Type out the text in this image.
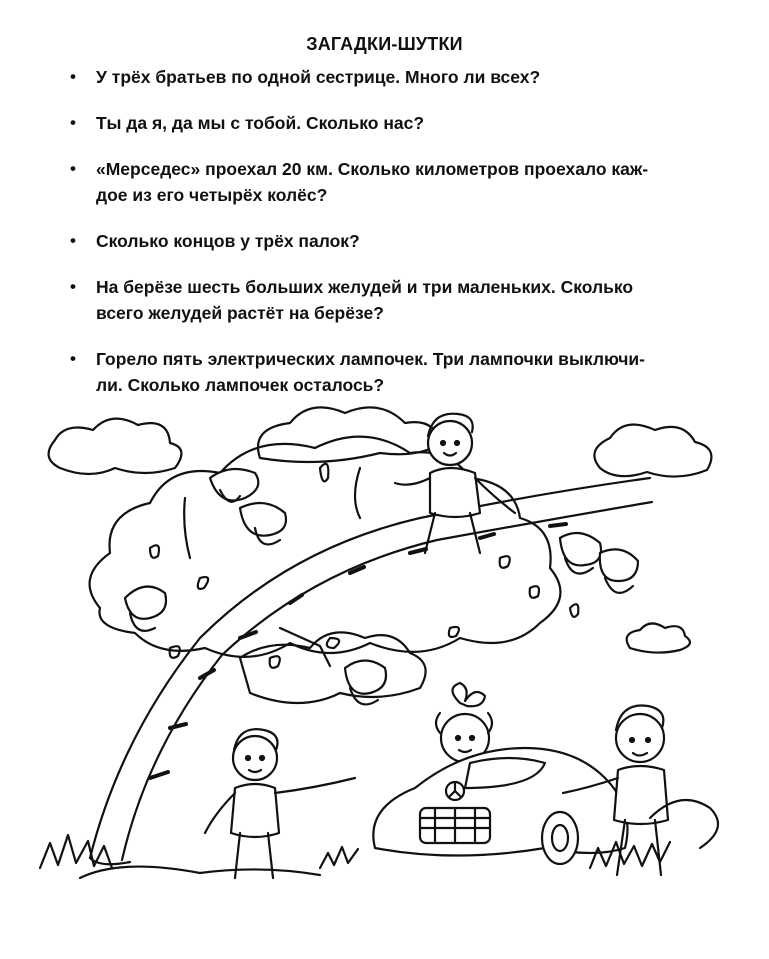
ЗАГАДКИ-ШУТКИ
• У трёх братьев по одной сестрице. Много ли всех?
• Ты да я, да мы с тобой. Сколько нас?
• «Мерседес» проехал 20 км. Сколько километров проехало каж-
дое из его четырёх колёс?
• Сколько концов у трёх палок?
• На берёзе шесть больших желудей и три маленьких. Сколько
всего желудей растёт на берёзе?
• Горело пять электрических лампочек. Три лампочки выключи-
ли. Сколько лампочек осталось?
